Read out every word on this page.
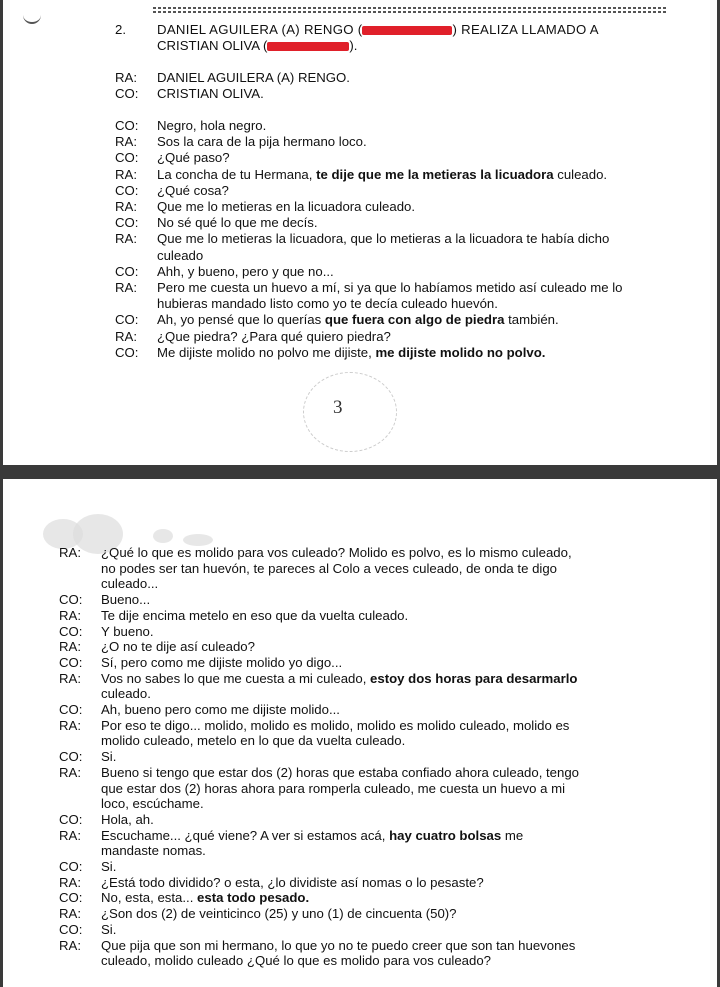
2. DANIEL AGUILERA (A) RENGO (	) REALIZA LLAMADO A
CRISTIAN OLIVA (	).
RA: DANIEL AGUILERA (A) RENGO.
CO: CRISTIAN OLIVA.
CO: Negro, hola negro.
RA: Sos la cara de la pija hermano loco.
CO: ¿Qué paso?
RA: La concha de tu Hermana, te dije que me la metieras la licuadora culeado.
CO: ¿Qué cosa?
RA: Que me lo metieras en la licuadora culeado.
CO: No sé qué lo que me decís.
RA: Que me lo metieras la licuadora, que lo metieras a la licuadora te había dicho
culeado
CO: Ahh, y bueno, pero y que no...
RA: Pero me cuesta un huevo a mí, si ya que lo habíamos metido así culeado me lo
hubieras mandado listo como yo te decía culeado huevón.
CO: Ah, yo pensé que lo querías que fuera con algo de piedra también.
RA: ¿Que piedra? ¿Para qué quiero piedra?
CO: Me dijiste molido no polvo me dijiste, me dijiste molido no polvo.
3
RA: ¿Qué lo que es molido para vos culeado? Molido es polvo, es lo mismo culeado,
no podes ser tan huevón, te pareces al Colo a veces culeado, de onda te digo
culeado...
CO: Bueno...
RA: Te dije encima metelo en eso que da vuelta culeado.
CO: Y bueno.
RA: ¿O no te dije así culeado?
CO: Sí, pero como me dijiste molido yo digo...
RA: Vos no sabes lo que me cuesta a mi culeado, estoy dos horas para desarmarlo
culeado.
CO: Ah, bueno pero como me dijiste molido...
RA: Por eso te digo... molido, molido es molido, molido es molido culeado, molido es
molido culeado, metelo en lo que da vuelta culeado.
CO: Si.
RA: Bueno si tengo que estar dos (2) horas que estaba confiado ahora culeado, tengo
que estar dos (2) horas ahora para romperla culeado, me cuesta un huevo a mi
loco, escúchame.
CO: Hola, ah.
RA: Escuchame... ¿qué viene? A ver si estamos acá, hay cuatro bolsas me
mandaste nomas.
CO: Si.
RA: ¿Está todo dividido? o esta, ¿lo dividiste así nomas o lo pesaste?
CO: No, esta, esta... esta todo pesado.
RA: ¿Son dos (2) de veinticinco (25) y uno (1) de cincuenta (50)?
CO: Si.
RA: Que pija que son mi hermano, lo que yo no te puedo creer que son tan huevones
culeado, molido culeado ¿Qué lo que es molido para vos culeado?
